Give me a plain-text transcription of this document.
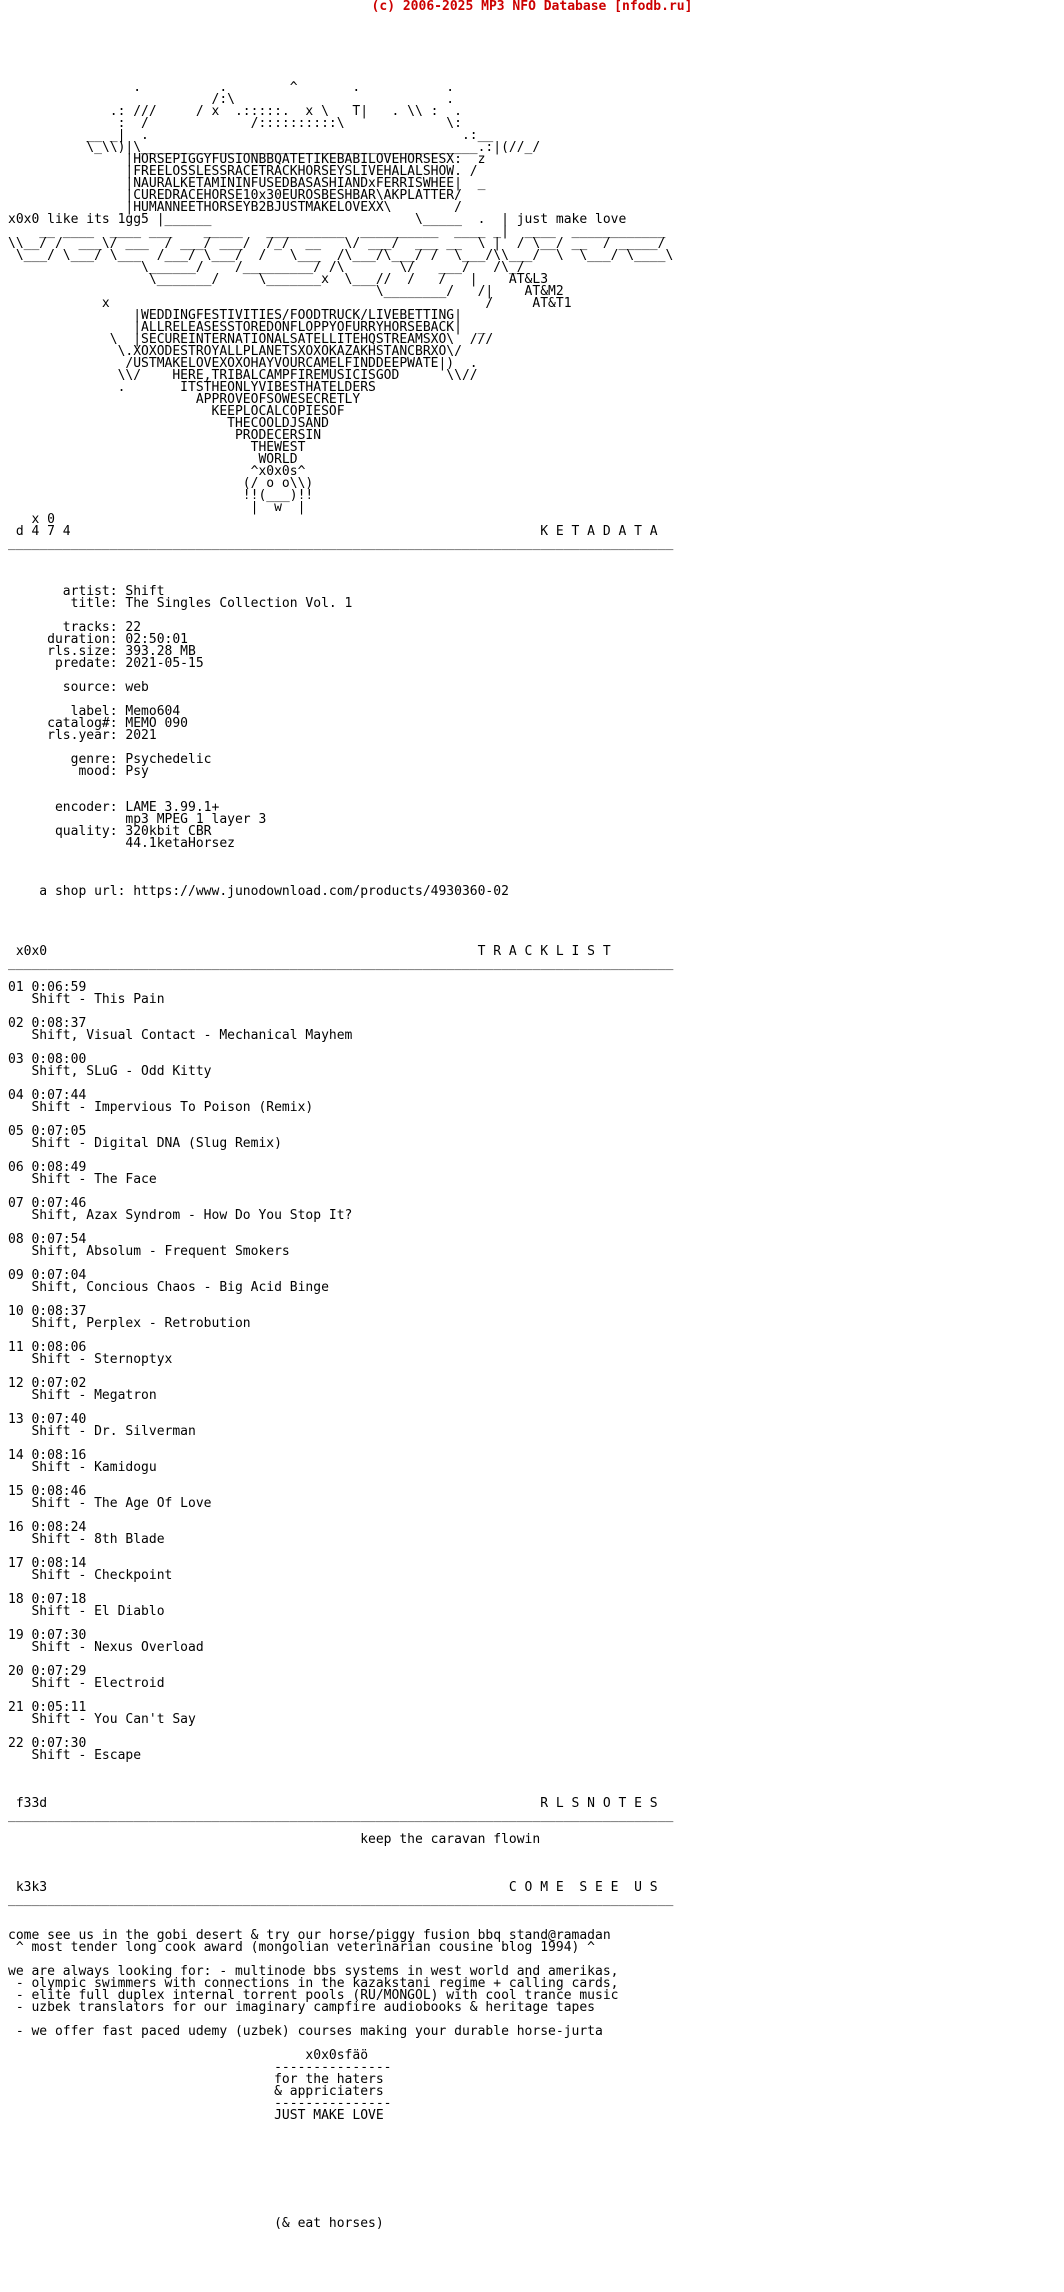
(c) 2006-2025 MP3 NFO Database [nfodb.ru]
.          .        ^       .           .
/:\                           .
.: ///     / x  .:::::.  x \   T|   . \\ :  .
:  /             /::::::::::\             \:
__ _|  .                                        .:__
\_\\)|\___________________________________________.:|(//_/
|HORSEPIGGYFUSIONBBQATETIKEBABILOVEHORSESX:  z
|FREELOSSLESSRACETRACKHORSEYSLIVEHALALSHOW. /
|NAURALKETAMININFUSEDBASASHIANDxFERRISWHEE|  _
|CUREDRACEHORSE10x30EUROSBESHBAR\AKPLATTER/
|HUMANNEETHORSEYB2BJUSTMAKELOVEXX\        /
x0x0 like its 1gg5 |______                          \_____  .  | just make love
__ ____  ____ ___    _____   __________  __________  ____ _|  ____  ____________
\\__/ /  ___\/ ___  / ___/ ___/  /_/  __   \/ ___/  ___ __  \ |  / \__/ __  / _____/
\___/ \___/ \___  /___/ \___/  /   \___  /\___/\___/ /  \___/\\___/  \  \___/ \____\
\______/    /_________/ /\       \/   ___/   /\_/
\_______/     \_______x  \___//  /   /   |    AT&L3
\________/   /|    AT&M2
x                                                /     AT&T1
|WEDDINGFESTIVITIES/FOODTRUCK/LIVEBETTING|
|ALLRELEASESSTOREDONFLOPPYOFURRYHORSEBACK|  _
\  |SECUREINTERNATIONALSATELLITEHQSTREAMSXO\  ///
\.XOXODESTROYALLPLANETSXOXOKAZAKHSTANCBRXO\/
/USTMAKELOVEXOXOHAYVOURCAMELFINDDEEPWATE|)  .
\\/    HERE,TRIBALCAMPFIREMUSICISGOD      \\//
.       ITSTHEONLYVIBESTHATELDERS
APPROVEOFSOWESECRETLY
KEEPLOCALCOPIESOF
THECOOLDJSAND
PRODECERSIN
THEWEST
WORLD
^x0x0s^
(/ o o\\)
!!(___)!!
|  w  |
x 0
d 4 7 4                                                            K E T A D A T A
_____________________________________________________________________________________

artist: Shift
title: The Singles Collection Vol. 1

tracks: 22
duration: 02:50:01
rls.size: 393.28 MB
predate: 2021-05-15

source: web

label: Memo604
catalog#: MEMO 090
rls.year: 2021

genre: Psychedelic
mood: Psy

encoder: LAME 3.99.1+
mp3 MPEG 1 layer 3
quality: 320kbit CBR
44.1ketaHorsez

a shop url: https://www.junodownload.com/products/4930360-02

x0x0                                                       T R A C K L I S T
_____________________________________________________________________________________

01 0:06:59
Shift - This Pain

02 0:08:37
Shift, Visual Contact - Mechanical Mayhem

03 0:08:00
Shift, SLuG - Odd Kitty

04 0:07:44
Shift - Impervious To Poison (Remix)

05 0:07:05
Shift - Digital DNA (Slug Remix)

06 0:08:49
Shift - The Face

07 0:07:46
Shift, Azax Syndrom - How Do You Stop It?

08 0:07:54
Shift, Absolum - Frequent Smokers

09 0:07:04
Shift, Concious Chaos - Big Acid Binge

10 0:08:37
Shift, Perplex - Retrobution

11 0:08:06
Shift - Sternoptyx

12 0:07:02
Shift - Megatron

13 0:07:40
Shift - Dr. Silverman

14 0:08:16
Shift - Kamidogu

15 0:08:46
Shift - The Age Of Love

16 0:08:24
Shift - 8th Blade

17 0:08:14
Shift - Checkpoint

18 0:07:18
Shift - El Diablo

19 0:07:30
Shift - Nexus Overload

20 0:07:29
Shift - Electroid

21 0:05:11
Shift - You Can't Say

22 0:07:30
Shift - Escape

f33d                                                               R L S N O T E S
_____________________________________________________________________________________

keep the caravan flowin

k3k3                                                           C O M E  S E E  U S
_____________________________________________________________________________________

come see us in the gobi desert & try our horse/piggy fusion bbq stand@ramadan
^ most tender long cook award (mongolian veterinarian cousine blog 1994) ^

we are always looking for: - multinode bbs systems in west world and amerikas,
- olympic swimmers with connections in the kazakstani regime + calling cards,
- elite full duplex internal torrent pools (RU/MONGOL) with cool trance music
- uzbek translators for our imaginary campfire audiobooks & heritage tapes

- we offer fast paced udemy (uzbek) courses making your durable horse-jurta

x0x0sfäö
---------------
for the haters
& appriciaters
---------------
JUST MAKE LOVE

(& eat horses)
